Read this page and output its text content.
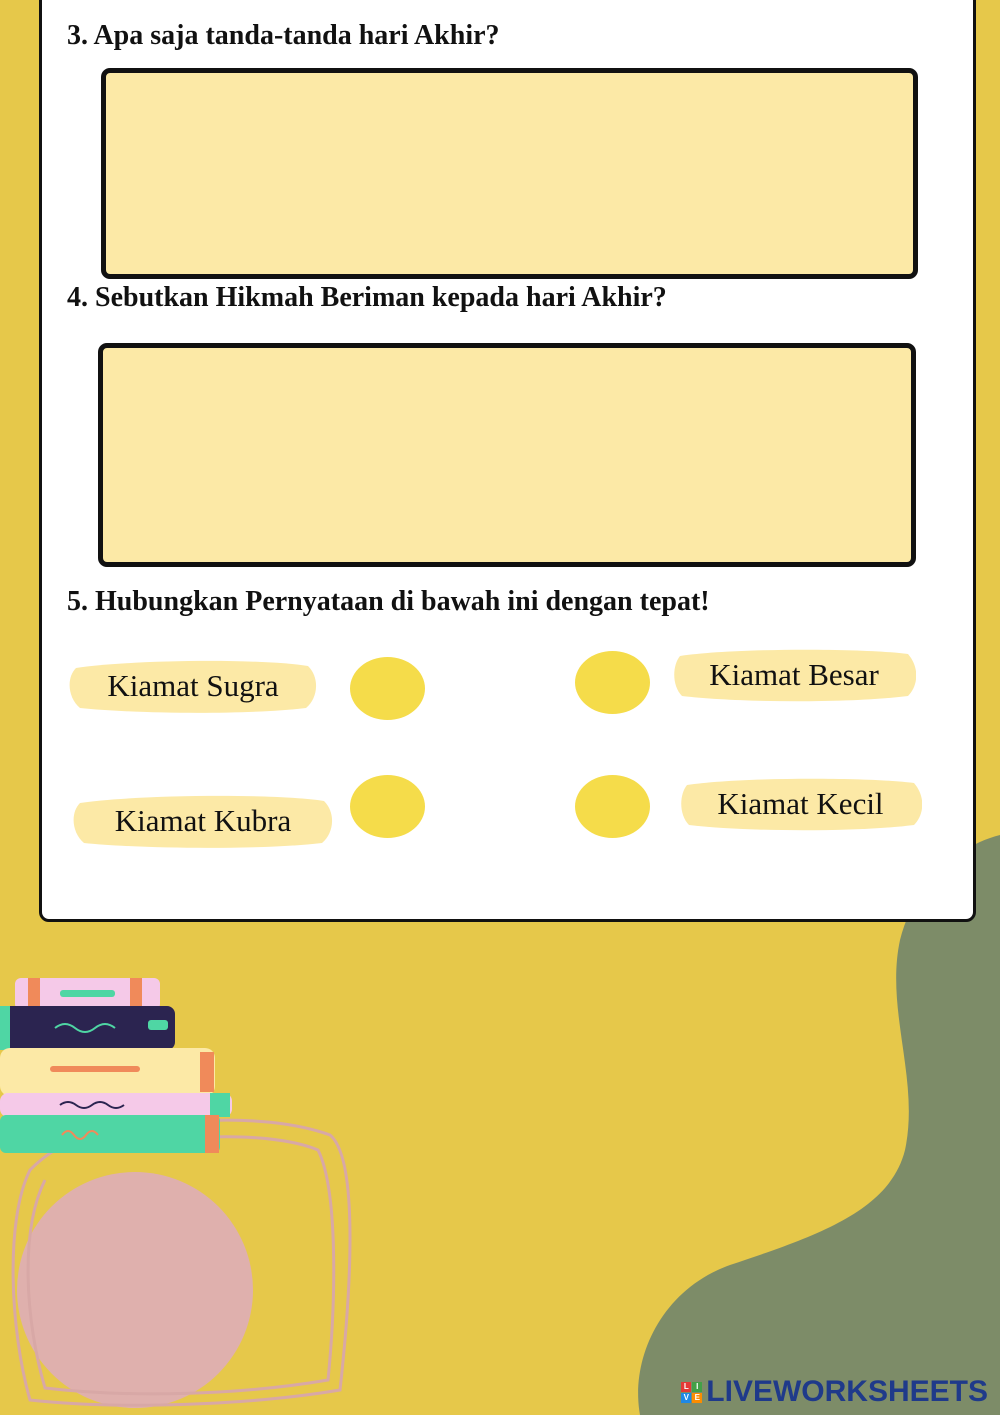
3. Apa saja tanda-tanda hari Akhir?
4. Sebutkan Hikmah Beriman kepada hari Akhir?
5. Hubungkan Pernyataan di bawah ini dengan tepat!
Kiamat Sugra	Kiamat Besar
Kiamat Kubra	Kiamat Kecil
L I
V E LIVEWORKSHEETS
